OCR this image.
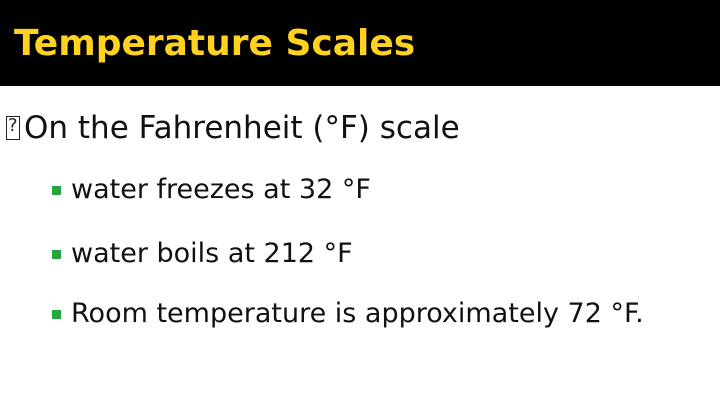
Temperature Scales
?
On the Fahrenheit (°F) scale
water freezes at 32 °F
water boils at 212 °F
Room temperature is approximately 72 °F.
